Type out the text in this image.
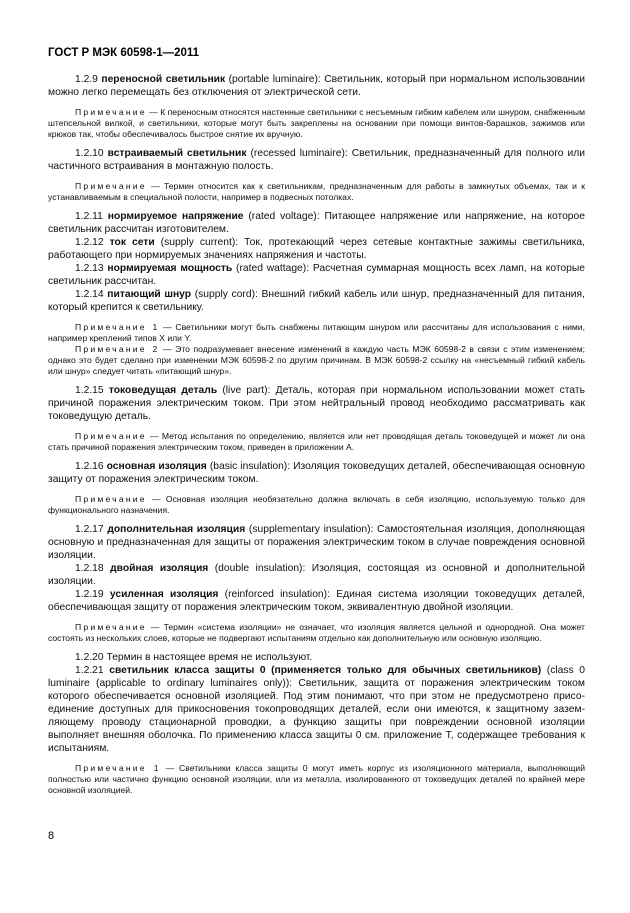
ГОСТ Р МЭК 60598-1—2011

1.2.9 переносной светильник (portable luminaire): Светильник, который при нормальном использовании можно легко перемещать без отключения от электрической сети.

Примечание — К переносным относятся настенные светильники с несъемным гибким кабелем или шнуром, снабженным штепсельной вилкой, и светильники, которые могут быть закреплены на основании при помощи винтов-барашков, зажимов или крюков так, чтобы обеспечивалось быстрое снятие их вручную.

1.2.10 встраиваемый светильник (recessed luminaire): Светильник, предназначенный для полного или частичного встраивания в монтажную полость.

Примечание — Термин относится как к светильникам, предназначенным для работы в замкнутых объемах, так и к устанавливаемым в специальной полости, например в подвесных потолках.

1.2.11 нормируемое напряжение (rated voltage): Питающее напряжение или напряжение, на которое светильник рассчитан изготовителем.

1.2.12 ток сети (supply current): Ток, протекающий через сетевые контактные зажимы светильника, работающего при нормируемых значениях напряжения и частоты.

1.2.13 нормируемая мощность (rated wattage): Расчетная суммарная мощность всех ламп, на которые светильник рассчитан.

1.2.14 питающий шнур (supply cord): Внешний гибкий кабель или шнур, предназначенный для питания, который крепится к светильнику.

Примечание 1 — Светильники могут быть снабжены питающим шнуром или рассчитаны для использования с ними, например креплений типов X или Y.

Примечание 2 — Это подразумевает внесение изменений в каждую часть МЭК 60598-2 в связи с этим изменением; однако это будет сделано при изменении МЭК 60598-2 по другим причинам. В МЭК 60598-2 ссылку на «несъемный гибкий кабель или шнур» следует читать «питающий шнур».

1.2.15 токоведущая деталь (live part): Деталь, которая при нормальном использовании может стать причиной поражения электрическим током. При этом нейтральный провод необходимо рассматривать как токоведущую деталь.

Примечание — Метод испытания по определению, является или нет проводящая деталь токоведущей и может ли она стать причиной поражения электрическим током, приведен в приложении А.

1.2.16 основная изоляция (basic insulation): Изоляция токоведущих деталей, обеспечивающая основную защиту от поражения электрическим током.

Примечание — Основная изоляция необязательно должна включать в себя изоляцию, используемую только для функционального назначения.

1.2.17 дополнительная изоляция (supplementary insulation): Самостоятельная изоляция, дополняющая основную и предназначенная для защиты от поражения электрическим током в случае повреждения основной изоляции.

1.2.18 двойная изоляция (double insulation): Изоляция, состоящая из основной и дополнительной изоляции.

1.2.19 усиленная изоляция (reinforced insulation): Единая система изоляции токоведущих деталей, обеспечивающая защиту от поражения электрическим током, эквивалентную двойной изоляции.

Примечание — Термин «система изоляции» не означает, что изоляция является цельной и однородной. Она может состоять из нескольких слоев, которые не подвергают испытаниям отдельно как дополнительную или основную изоляцию.

1.2.20 Термин в настоящее время не используют.

1.2.21 светильник класса защиты 0 (применяется только для обычных светильников) (class 0 luminaire (applicable to ordinary luminaires only)): Светильник, защита от поражения электрическим током которого обеспечивается основной изоляцией. Под этим понимают, что при этом не предусмотрено присоединение доступных для прикосновения токопроводящих деталей, если они имеются, к защитному заземляющему проводу стационарной проводки, а функцию защиты при повреждении основной изоляции выполняет внешняя оболочка. По применению класса защиты 0 см. приложение Т, содержащее требования к испытаниям.

Примечание 1 — Светильники класса защиты 0 могут иметь корпус из изоляционного материала, выполняющий полностью или частично функцию основной изоляции, или из металла, изолированного от токоведущих деталей по крайней мере основной изоляцией.

8
